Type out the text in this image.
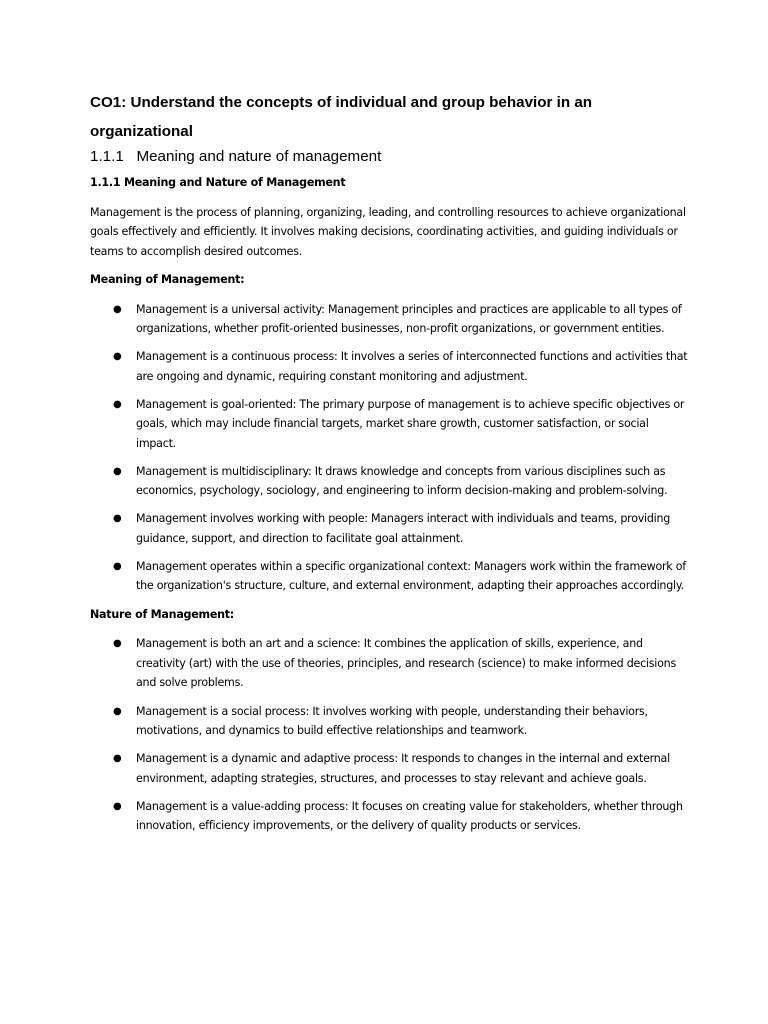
CO1: Understand the concepts of individual and group behavior in an organizational
1.1.1 Meaning and nature of management
1.1.1 Meaning and Nature of Management

Management is the process of planning, organizing, leading, and controlling resources to achieve organizational goals effectively and efficiently. It involves making decisions, coordinating activities, and guiding individuals or teams to accomplish desired outcomes.

Meaning of Management:
● Management is a universal activity: Management principles and practices are applicable to all types of organizations, whether profit-oriented businesses, non-profit organizations, or government entities.
● Management is a continuous process: It involves a series of interconnected functions and activities that are ongoing and dynamic, requiring constant monitoring and adjustment.
● Management is goal-oriented: The primary purpose of management is to achieve specific objectives or goals, which may include financial targets, market share growth, customer satisfaction, or social impact.
● Management is multidisciplinary: It draws knowledge and concepts from various disciplines such as economics, psychology, sociology, and engineering to inform decision-making and problem-solving.
● Management involves working with people: Managers interact with individuals and teams, providing guidance, support, and direction to facilitate goal attainment.
● Management operates within a specific organizational context: Managers work within the framework of the organization's structure, culture, and external environment, adapting their approaches accordingly.
Nature of Management:
● Management is both an art and a science: It combines the application of skills, experience, and creativity (art) with the use of theories, principles, and research (science) to make informed decisions and solve problems.
● Management is a social process: It involves working with people, understanding their behaviors, motivations, and dynamics to build effective relationships and teamwork.
● Management is a dynamic and adaptive process: It responds to changes in the internal and external environment, adapting strategies, structures, and processes to stay relevant and achieve goals.
● Management is a value-adding process: It focuses on creating value for stakeholders, whether through innovation, efficiency improvements, or the delivery of quality products or services.
